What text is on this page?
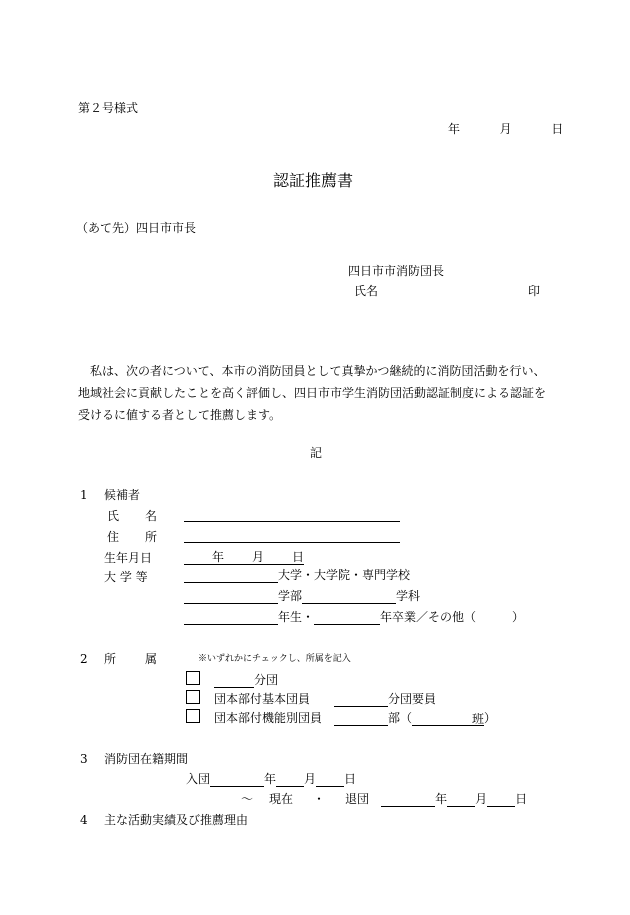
第２号様式
年	月	日
認証推薦書
（あて先）四日市市長
四日市市消防団長
氏名	印
私は、次の者について、本市の消防団員として真摯かつ継続的に消防団活動を行い、地域社会に貢献したことを高く評価し、四日市市学生消防団活動認証制度による認証を受けるに値する者として推薦します。
記
1 候補者
氏 名
住 所
生年月日	年 月 日
大 学 等	大学・大学院・専門学校
学部	学科
年生・	年卒業／その他（	）
2 所 属	※いずれかにチェックし、所属を記入
分団
団本部付基本団員	分団要員
団本部付機能別団員	部（	班）
3 消防団在籍期間
入団	年 月 日
〜 現在 ・ 退団	年 月 日
4 主な活動実績及び推薦理由
